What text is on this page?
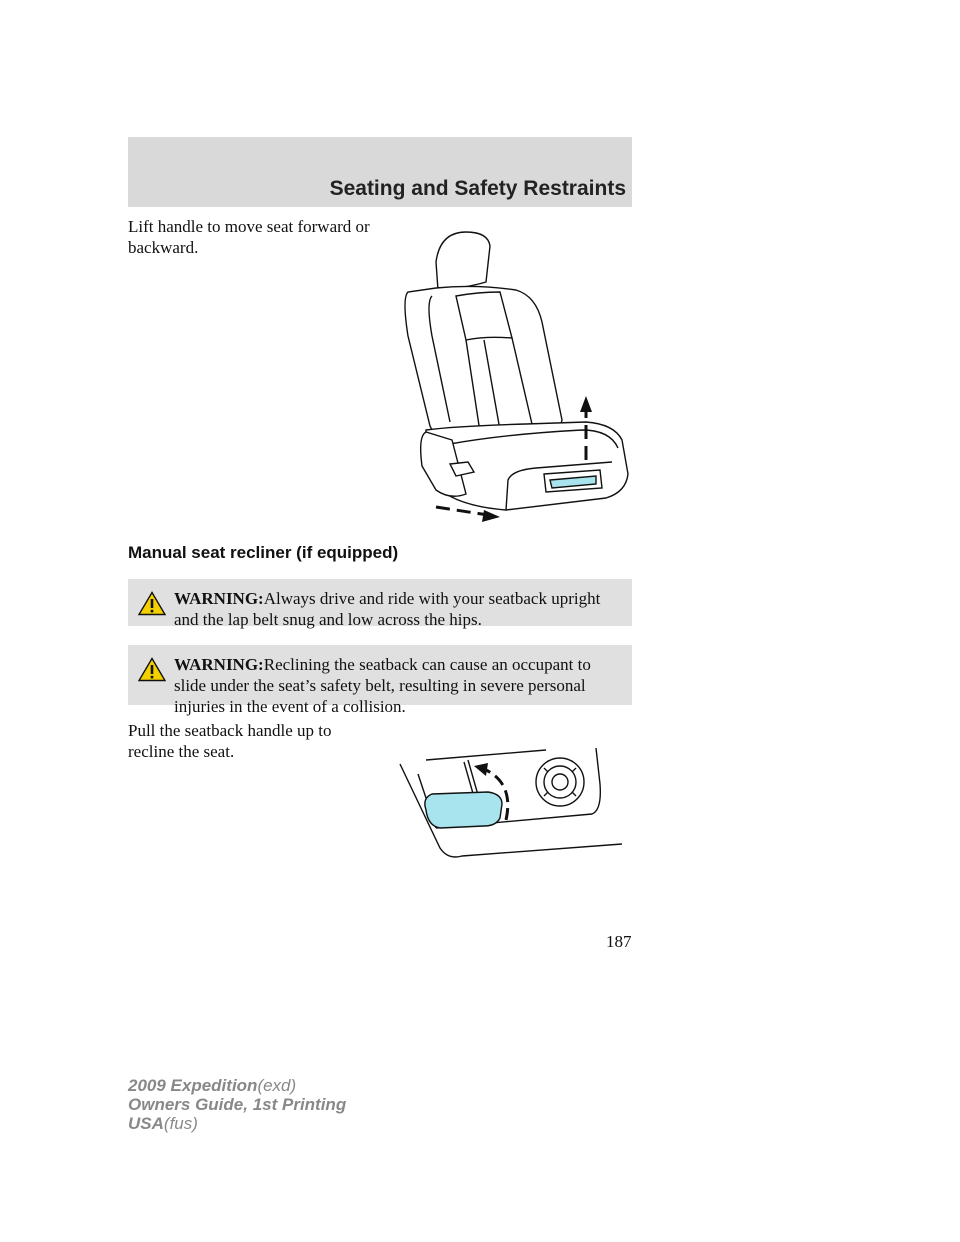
Seating and Safety Restraints
Lift handle to move seat forward or backward.
Manual seat recliner (if equipped)
WARNING:Always drive and ride with your seatback upright and the lap belt snug and low across the hips.
WARNING:Reclining the seatback can cause an occupant to slide under the seat’s safety belt, resulting in severe personal injuries in the event of a collision.
Pull the seatback handle up to recline the seat.
187
2009 Expedition(exd)
Owners Guide, 1st Printing
USA(fus)
